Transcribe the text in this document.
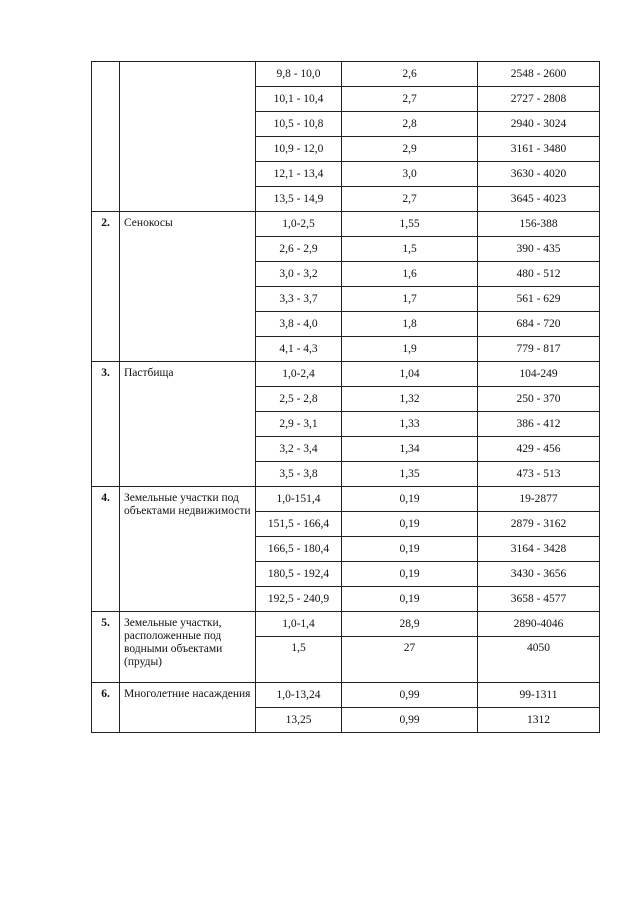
		9,8 - 10,0	2,6	2548 - 2600
		10,1 - 10,4	2,7	2727 - 2808
		10,5 - 10,8	2,8	2940 - 3024
		10,9 - 12,0	2,9	3161 - 3480
		12,1 - 13,4	3,0	3630 - 4020
		13,5 - 14,9	2,7	3645 - 4023
2.	Сенокосы	1,0-2,5	1,55	156-388
		2,6 - 2,9	1,5	390 - 435
		3,0 - 3,2	1,6	480 - 512
		3,3 - 3,7	1,7	561 - 629
		3,8 - 4,0	1,8	684 - 720
		4,1 - 4,3	1,9	779 - 817
3.	Пастбища	1,0-2,4	1,04	104-249
		2,5 - 2,8	1,32	250 - 370
		2,9 - 3,1	1,33	386 - 412
		3,2 - 3,4	1,34	429 - 456
		3,5 - 3,8	1,35	473 - 513
4.	Земельные участки под объектами недвижимости	1,0-151,4	0,19	19-2877
		151,5 - 166,4	0,19	2879 - 3162
		166,5 - 180,4	0,19	3164 - 3428
		180,5 - 192,4	0,19	3430 - 3656
		192,5 - 240,9	0,19	3658 - 4577
5.	Земельные участки, расположенные под водными объектами (пруды)	1,0-1,4	28,9	2890-4046
		1,5	27	4050
6.	Многолетние насаждения	1,0-13,24	0,99	99-1311
		13,25	0,99	1312
